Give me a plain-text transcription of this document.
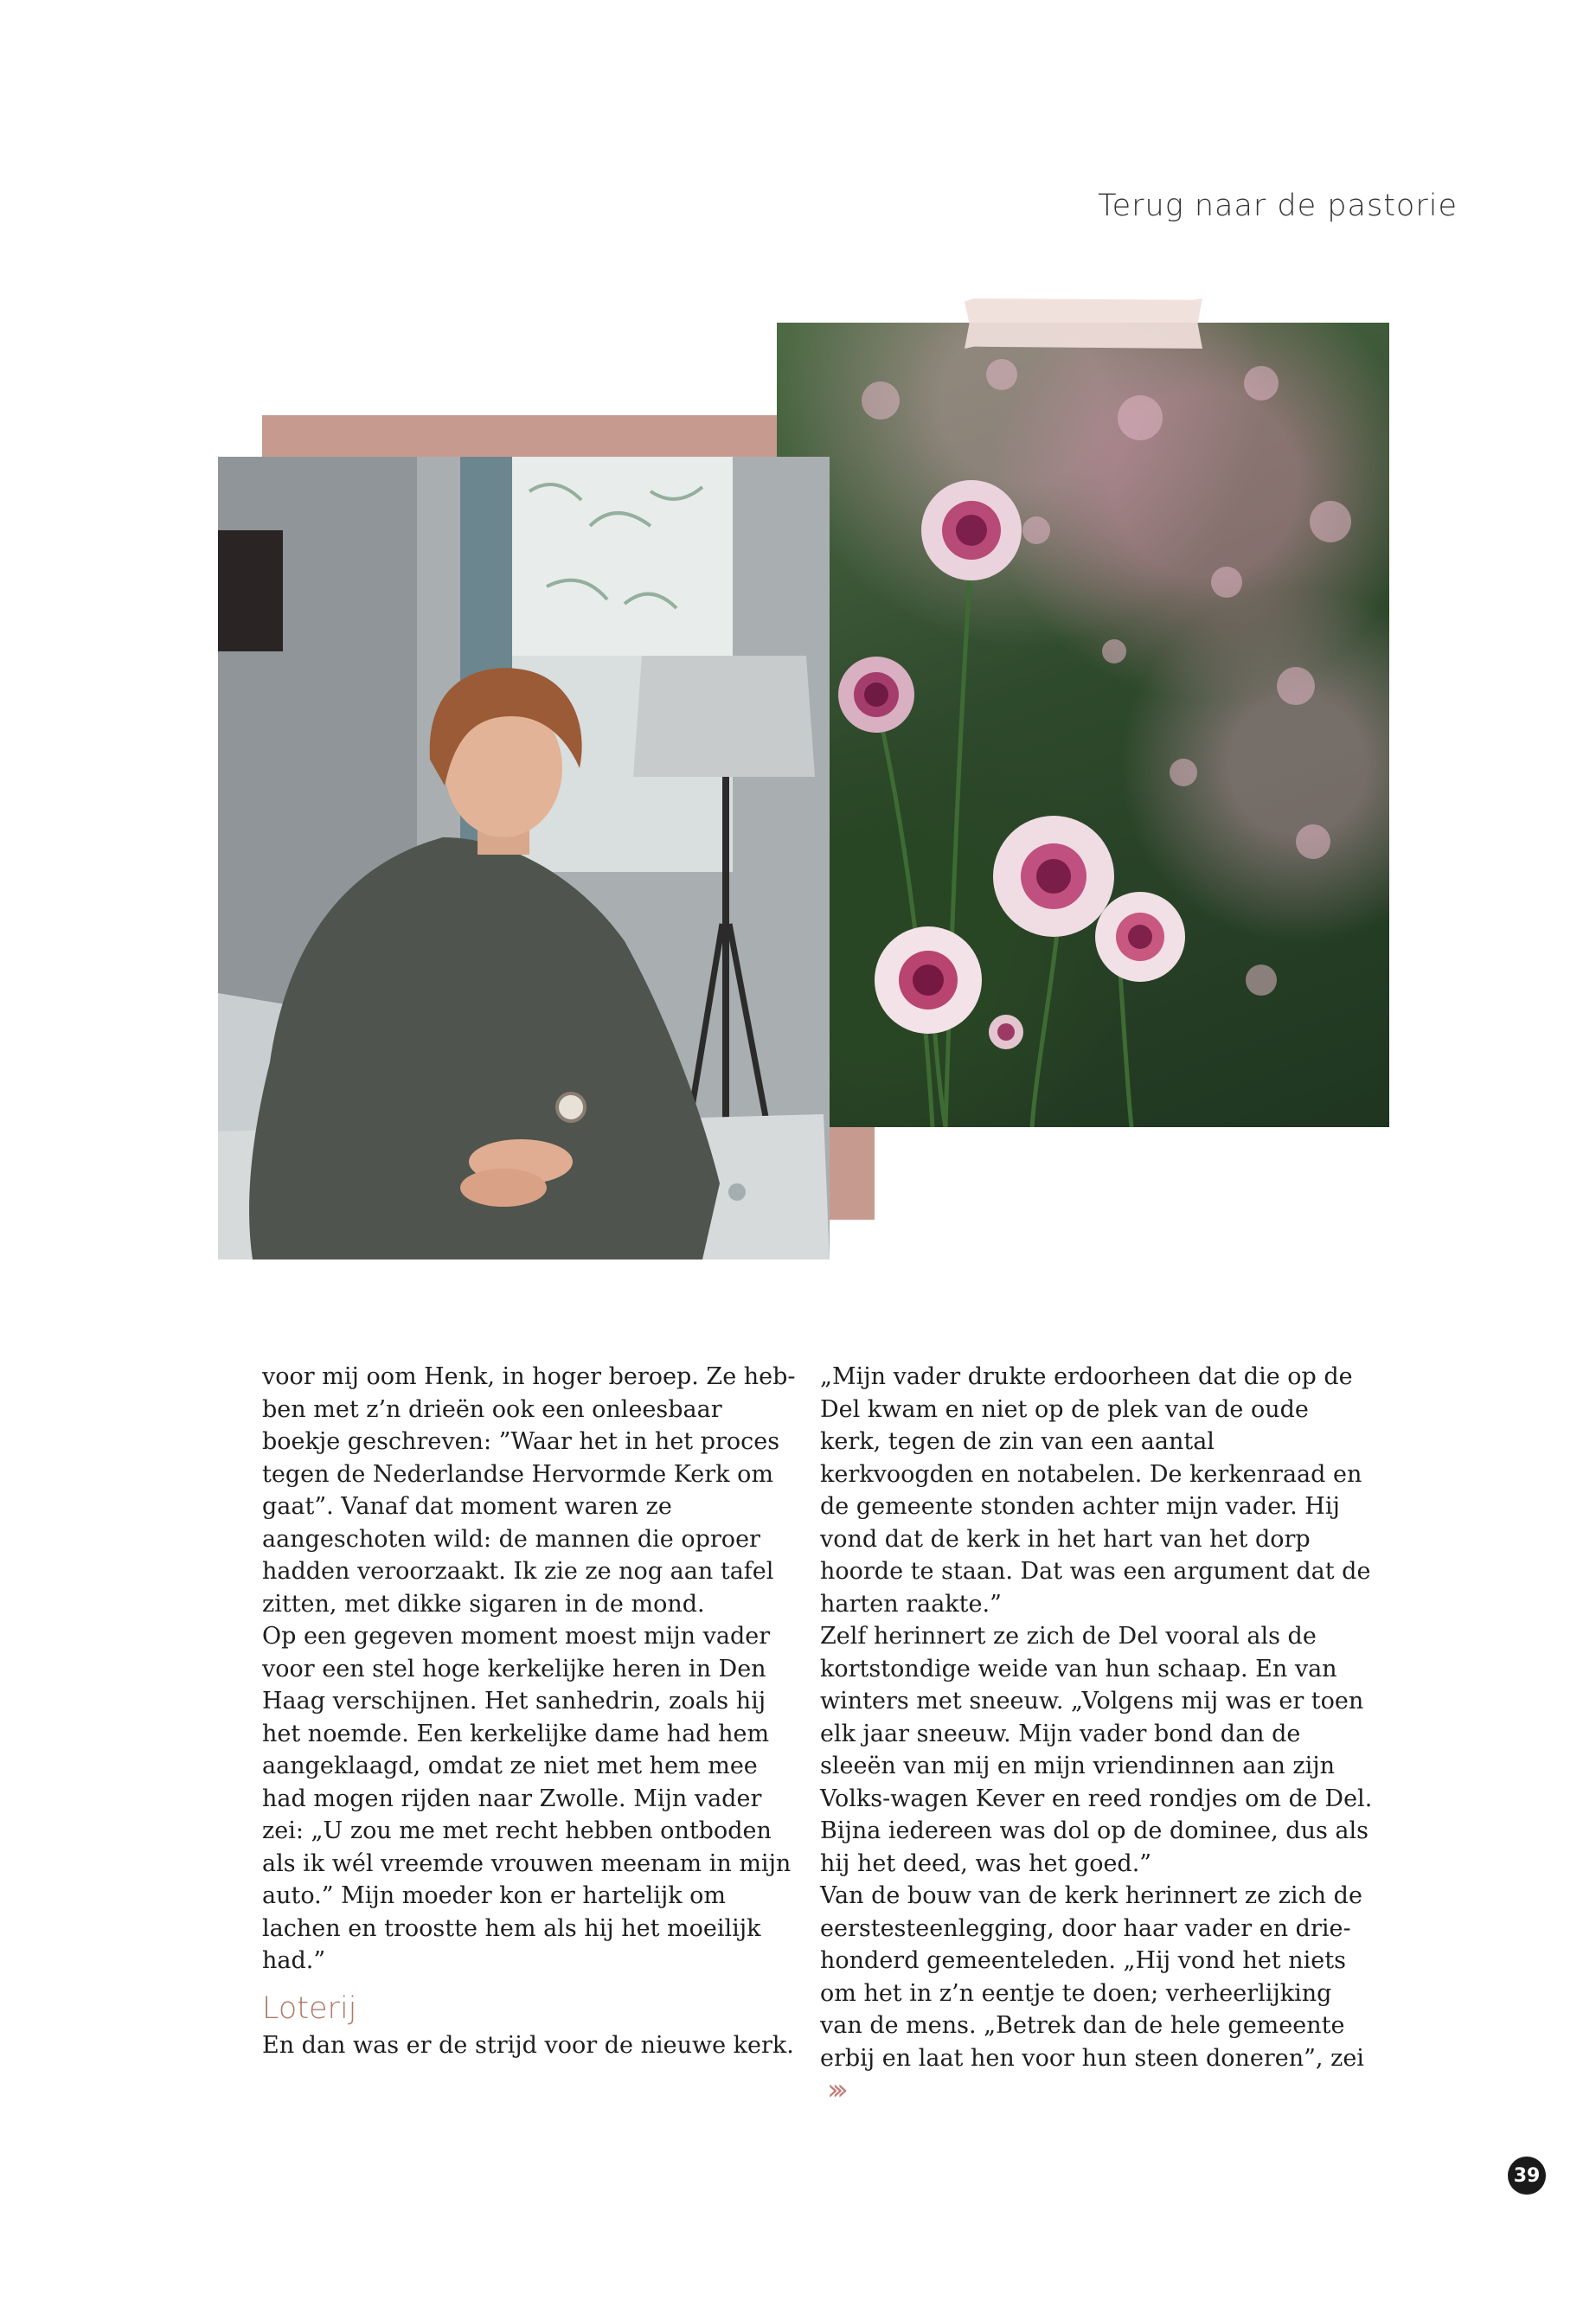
Terug naar de pastorie

voor mij oom Henk, in hoger beroep. Ze heb-ben met z’n drieën ook een onleesbaar boekje geschreven: ”Waar het in het proces tegen de Nederlandse Hervormde Kerk om gaat”. Vanaf dat moment waren ze aangeschoten wild: de mannen die oproer hadden veroorzaakt. Ik zie ze nog aan tafel zitten, met dikke sigaren in de mond.

Op een gegeven moment moest mijn vader voor een stel hoge kerkelijke heren in Den Haag verschijnen. Het sanhedrin, zoals hij het noemde. Een kerkelijke dame had hem aangeklaagd, omdat ze niet met hem mee had mogen rijden naar Zwolle. Mijn vader zei: „U zou me met recht hebben ontboden als ik wél vreemde vrouwen meenam in mijn auto.” Mijn moeder kon er hartelijk om lachen en troostte hem als hij het moeilijk had.”

Loterij

En dan was er de strijd voor de nieuwe kerk.

„Mijn vader drukte erdoorheen dat die op de Del kwam en niet op de plek van de oude kerk, tegen de zin van een aantal kerkvoogden en notabelen. De kerkenraad en de gemeente stonden achter mijn vader. Hij vond dat de kerk in het hart van het dorp hoorde te staan. Dat was een argument dat de harten raakte.”

Zelf herinnert ze zich de Del vooral als de kortstondige weide van hun schaap. En van winters met sneeuw. „Volgens mij was er toen elk jaar sneeuw. Mijn vader bond dan de sleeën van mij en mijn vriendinnen aan zijn Volks-wagen Kever en reed rondjes om de Del. Bijna iedereen was dol op de dominee, dus als hij het deed, was het goed.”

Van de bouw van de kerk herinnert ze zich de eerstesteenlegging, door haar vader en drie-honderd gemeenteleden. „Hij vond het niets om het in z’n eentje te doen; verheerlijking van de mens. „Betrek dan de hele gemeente erbij en laat hen voor hun steen doneren”, zei›››

39
